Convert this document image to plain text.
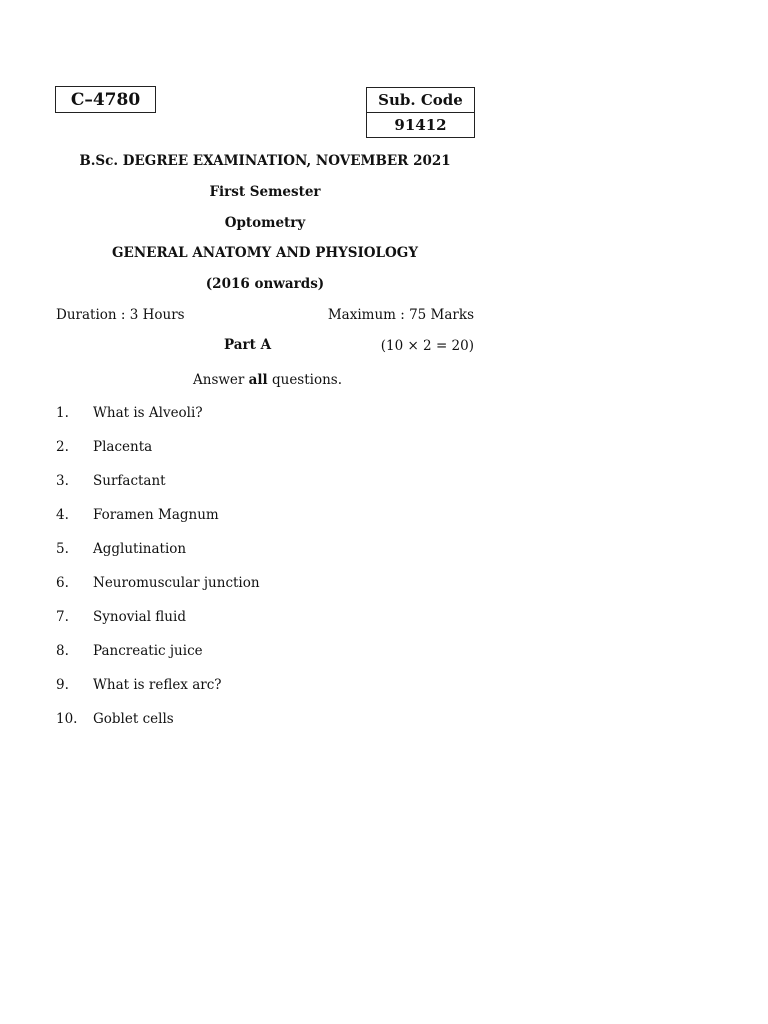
C–4780	Sub. Code
91412
B.Sc. DEGREE EXAMINATION, NOVEMBER 2021
First Semester
Optometry
GENERAL ANATOMY AND PHYSIOLOGY
(2016 onwards)
Duration : 3 Hours	Maximum : 75 Marks
Part A	(10 × 2 = 20)
Answer all questions.
1. What is Alveoli?
2. Placenta
3. Surfactant
4. Foramen Magnum
5. Agglutination
6. Neuromuscular junction
7. Synovial fluid
8. Pancreatic juice
9. What is reflex arc?
10. Goblet cells
